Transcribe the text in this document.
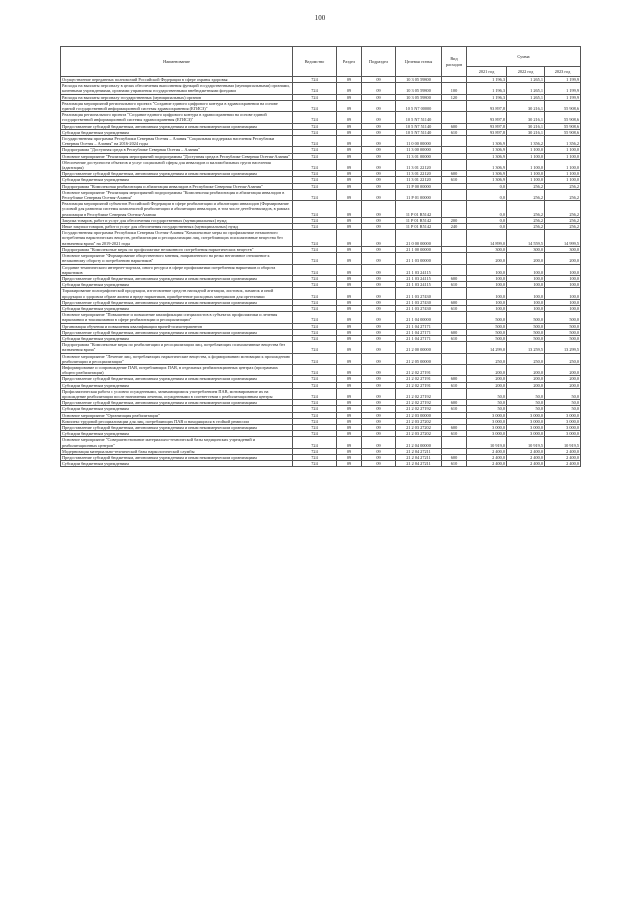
100
Наименование	Ведомство	Раздел	Подраздел	Целевая статья	Вид расходов	Сумма		
						2021 год	2022 год	2023 год
Осуществление переданных полномочий Российской Федерации в сфере охраны здоровья	724	09	09	10 3 05 59800		1 196,3	1 265,1	1 199,9
Расходы на выплаты персоналу в целях обеспечения выполнения функций государственными (муниципальными) органами, казенными учреждениями, органами управления государственными внебюджетными фондами	724	09	09	10 3 05 59800	100	1 196,3	1 265,1	1 199,9
Расходы на выплаты персоналу государственных (муниципальных) органов	724	09	09	10 3 05 59800	120	1 196,3	1 265,1	1 199,9
Реализация мероприятий регионального проекта "Создание единого цифрового контура в здравоохранении на основе единой государственной информационной системы здравоохранения (ЕГИСЗ)"	724	09	09	10 5 N7 00000		93 897,8	30 216,1	55 908,6
Реализация регионального проекта "Создание единого цифрового контура в здравоохранении на основе единой государственной информационной системы здравоохранения (ЕГИСЗ)"	724	09	09	10 5 N7 51140		93 897,8	30 216,1	55 908,6
Предоставление субсидий бюджетным, автономным учреждениям и иным некоммерческим организациям	724	09	09	10 5 N7 51140	600	93 897,8	30 216,1	55 908,6
Субсидии бюджетным учреждениям	724	09	09	10 5 N7 51140	610	93 897,8	30 216,1	55 908,6
Государственная программа Республики Северная Осетия – Алания "Социальная поддержка населения Республики Северная Осетия – Алания" на 2016-2024 годы	724	09	09	11 0 00 00000		1 306,9	1 356,2	1 356,2
Подпрограмма "Доступная среда в Республике Северная Осетия – Алания"	724	09	09	11 3 00 00000		1 306,9	1 100,0	1 100,0
Основное мероприятие "Реализация мероприятий подпрограммы "Доступная среда в Республике Северная Осетия-Алания"	724	09	09	11 3 01 00000		1 306,9	1 100,0	1 100,0
Обеспечение доступности объектов и услуг социальной сферы для инвалидов и маломобильных групп населения (адаптация)	724	09	09	11 3 01 22120		1 306,9	1 100,0	1 100,0
Предоставление субсидий бюджетным, автономным учреждениям и иным некоммерческим организациям	724	09	09	11 3 01 22120	600	1 306,9	1 100,0	1 100,0
Субсидии бюджетным учреждениям	724	09	09	11 3 01 22120	610	1 306,9	1 100,0	1 100,0
Подпрограмма "Комплексная реабилитация и абилитация инвалидов в Республике Северная Осетия-Алания"	724	09	09	11 P 00 00000		0,0	256,2	256,2
Основное мероприятие "Реализация мероприятий подпрограммы "Комплексная реабилитация и абилитация инвалидов в Республике Северная Осетия-Алания"	724	09	09	11 P 01 00000		0,0	256,2	256,2
Реализация мероприятий субъектов Российской Федерации в сфере реабилитации и абилитации инвалидов (Формирование условий для развития системы комплексной реабилитации и абилитации инвалидов, в том числе детей-инвалидов, в рамках реализации в Республике Северная Осетия-Алания	724	09	09	11 P 01 R5142		0,0	256,2	256,2
Закупка товаров, работ и услуг для обеспечения государственных (муниципальных) нужд	724	09	09	11 P 01 R5142	200	0,0	256,2	256,2
Иные закупки товаров, работ и услуг для обеспечения государственных (муниципальных) нужд	724	09	09	11 P 01 R5142	240	0,0	256,2	256,2
Государственная программа Республики Северная Осетия-Алания "Комплексные меры по профилактике незаконного потребления наркотических веществ, реабилитации и ресоциализации лиц, потребляющих психоактивные вещества без назначения врача" на 2019-2021 годы	724	09	09	21 0 00 00000		14 899,0	14 559,5	14 999,5
Подпрограмма "Комплексные меры по профилактике незаконного потребления наркотических веществ"	724	09	09	21 1 00 00000		300,0	300,0	300,0
Основное мероприятие "Формирование общественного мнения, направленного на резко негативное отношение к незаконному обороту и потреблению наркотиков"	724	09	09	21 1 03 00000		200,0	200,0	200,0
Создание тематического интернет-портала, иного ресурса в сфере профилактики потребления наркотиков и оборота наркотиков	724	09	09	21 1 03 24115		100,0	100,0	100,0
Предоставление субсидий бюджетным, автономным учреждениям и иным некоммерческим организациям	724	09	09	21 1 03 24115	600	100,0	100,0	100,0
Субсидии бюджетным учреждениям	724	09	09	21 1 03 24115	610	100,0	100,0	100,0
Тиражирование полиграфической продукции, изготовление средств наглядной агитации, листовок, памяток и иной продукции о здоровом образе жизни и вреде наркотиков, приобретение расходных материалов для оргтехники	724	09	09	21 1 03 27430		100,0	100,0	100,0
Предоставление субсидий бюджетным, автономным учреждениям и иным некоммерческим организациям	724	09	09	21 1 03 27430	600	100,0	100,0	100,0
Субсидии бюджетным учреждениям	724	09	09	21 1 03 27430	610	100,0	100,0	100,0
Основное мероприятие "Повышение и повышение квалификации специалистов в субъектах профилактики и лечения наркомании и токсикомании в сфере реабилитации и ресоциализации"	724	09	09	21 1 04 00000		500,0	500,0	500,0
Организация обучения и повышения квалификации врачей-психотерапевтов	724	09	09	21 1 04 27171		500,0	500,0	500,0
Предоставление субсидий бюджетным, автономным учреждениям и иным некоммерческим организациям	724	09	09	21 1 04 27171	600	500,0	500,0	500,0
Субсидии бюджетным учреждениям	724	09	09	21 1 04 27171	610	500,0	500,0	500,0
Подпрограмма "Комплексные меры по реабилитации и ресоциализации лиц, потребляющих психоактивные вещества без назначения врача"	724	09	09	21 2 00 00000		14 299,0	13 259,5	13 299,5
Основное мероприятие "Лечение лиц, потребляющих наркотические вещества, к формированию мотивации к прохождению реабилитации и ресоциализации"	724	09	09	21 2 05 00000		250,0	250,0	250,0
Информирование и сопровождение ПАВ, потребляющих ПАВ, в отдельных реабилитационных центрах (программах общего реабилитации)	724	09	09	21 2 02 27191		200,0	200,0	200,0
Предоставление субсидий бюджетным, автономным учреждениям и иным некоммерческим организациям	724	09	09	21 2 02 27191	600	200,0	200,0	200,0
Субсидии бюджетным учреждениям	724	09	09	21 2 02 27191	610	200,0	200,0	200,0
Профилактическая работа с условно осужденными, занимающимися употреблением ПАВ, мотивирование их на прохождение реабилитации после назначения лечения, осужденными в соответствии с реабилитационным центры	724	09	09	21 2 02 27192		50,0	50,0	50,0
Предоставление субсидий бюджетным, автономным учреждениям и иным некоммерческим организациям	724	09	09	21 2 02 27192	600	50,0	50,0	50,0
Субсидии бюджетным учреждениям	724	09	09	21 2 02 27192	610	50,0	50,0	50,0
Основное мероприятие "Организация реабилитации"	724	09	09	21 2 03 00000		3 000,0	3 000,0	3 000,0
Комплекс трудовой ресоциализации для лиц, потребляющих ПАВ и находящихся в стойкой ремиссии	724	09	09	21 2 03 27202		3 000,0	3 000,0	3 000,0
Предоставление субсидий бюджетным, автономным учреждениям и иным некоммерческим организациям	724	09	09	21 2 03 27202	600	3 000,0	3 000,0	3 000,0
Субсидии бюджетным учреждениям	724	09	09	21 2 03 27202	610	3 000,0	3 000,0	3 000,0
Основное мероприятие "Совершенствование материально-технической базы медицинских учреждений и реабилитационных центров"	724	09	09	21 2 04 00000		10 919,0	10 919,5	10 919,5
Модернизация материально-технической базы наркологической службы	724	09	09	21 2 04 27211		2 400,0	2 400,0	2 400,0
Предоставление субсидий бюджетным, автономным учреждениям и иным некоммерческим организациям	724	09	09	21 2 04 27211	600	2 400,0	2 400,0	2 400,0
Субсидии бюджетным учреждениям	724	09	09	21 2 04 27211	610	2 400,0	2 400,0	2 400,0
